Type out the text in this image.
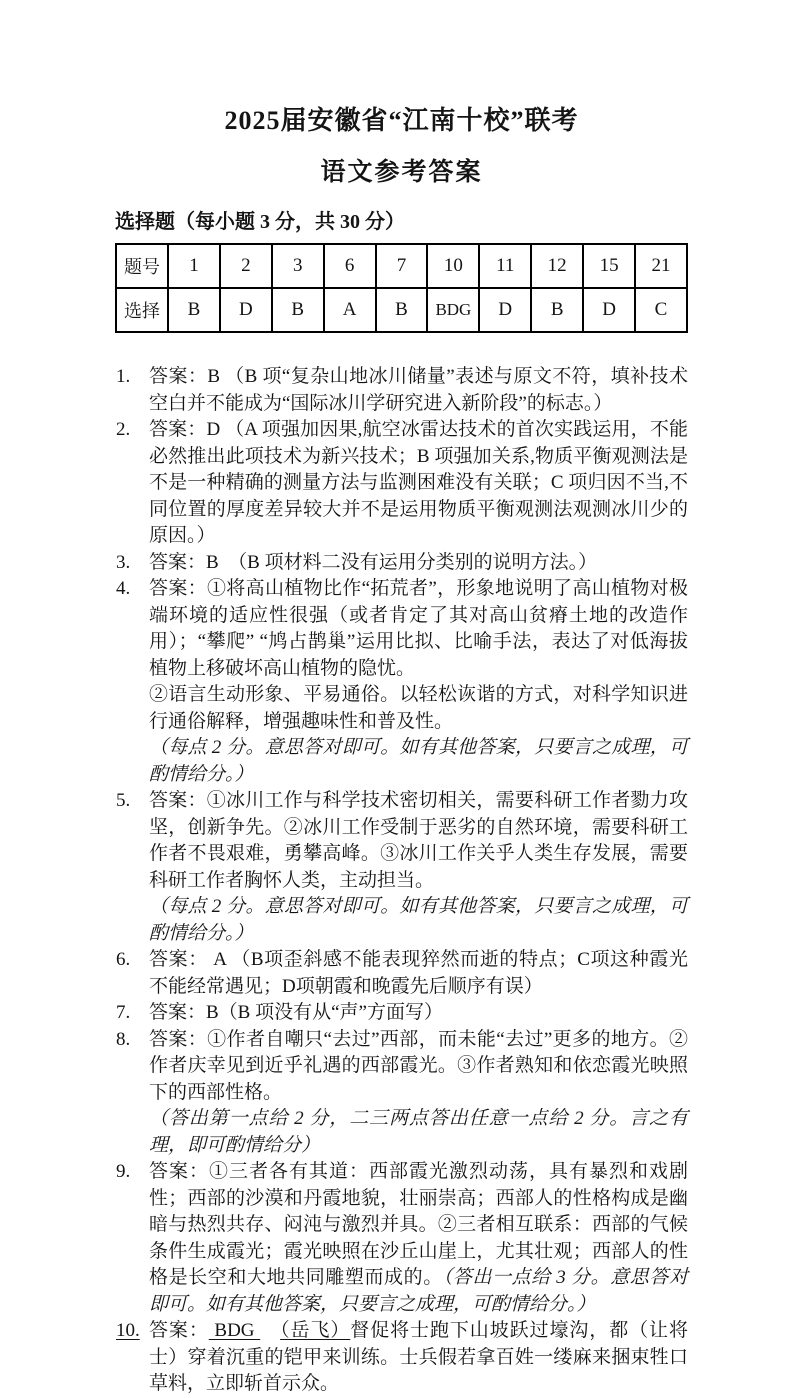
2025届安徽省“江南十校”联考
语文参考答案
选择题（每小题 3 分，共 30 分）
题号	1	2	3	6	7	10	11	12	15	21
选择	B	D	B	A	B	BDG	D	B	D	C
1. 答案：B （B 项“复杂山地冰川储量”表述与原文不符，填补技术空白并不能成为“国际冰川学研究进入新阶段”的标志。）
2. 答案：D （A 项强加因果,航空冰雷达技术的首次实践运用，不能必然推出此项技术为新兴技术；B 项强加关系,物质平衡观测法是不是一种精确的测量方法与监测困难没有关联；C 项归因不当,不同位置的厚度差异较大并不是运用物质平衡观测法观测冰川少的原因。）
3. 答案：B　（B 项材料二没有运用分类别的说明方法。）
4. 答案：①将高山植物比作“拓荒者”，形象地说明了高山植物对极端环境的适应性很强（或者肯定了其对高山贫瘠土地的改造作用）；“攀爬” “鸠占鹊巢”运用比拟、比喻手法，表达了对低海拔植物上移破坏高山植物的隐忧。
②语言生动形象、平易通俗。以轻松诙谐的方式，对科学知识进行通俗解释，增强趣味性和普及性。
（每点 2 分。意思答对即可。如有其他答案，只要言之成理，可酌情给分。）
5. 答案：①冰川工作与科学技术密切相关，需要科研工作者勠力攻坚，创新争先。②冰川工作受制于恶劣的自然环境，需要科研工作者不畏艰难，勇攀高峰。③冰川工作关乎人类生存发展，需要科研工作者胸怀人类，主动担当。
（每点 2 分。意思答对即可。如有其他答案，只要言之成理，可酌情给分。）
6. 答案： A （B项歪斜感不能表现猝然而逝的特点；C项这种霞光不能经常遇见；D项朝霞和晚霞先后顺序有误）
7. 答案：B（B 项没有从“声”方面写）
8. 答案：①作者自嘲只“去过”西部，而未能“去过”更多的地方。②作者庆幸见到近乎礼遇的西部霞光。③作者熟知和依恋霞光映照下的西部性格。
（答出第一点给 2 分，二三两点答出任意一点给 2 分。言之有理，即可酌情给分）
9. 答案：①三者各有其道：西部霞光激烈动荡，具有暴烈和戏剧性；西部的沙漠和丹霞地貌，壮丽崇高；西部人的性格构成是幽暗与热烈共存、闷沌与激烈并具。②三者相互联系：西部的气候条件生成霞光；霞光映照在沙丘山崖上，尤其壮观；西部人的性格是长空和大地共同雕塑而成的。（答出一点给 3 分。意思答对即可。如有其他答案，只要言之成理，可酌情给分。）
10. 答案： BDG 　（岳飞）督促将士跑下山坡跃过壕沟，都（让将士）穿着沉重的铠甲来训练。士兵假若拿百姓一缕麻来捆束牲口草料，立即斩首示众。
